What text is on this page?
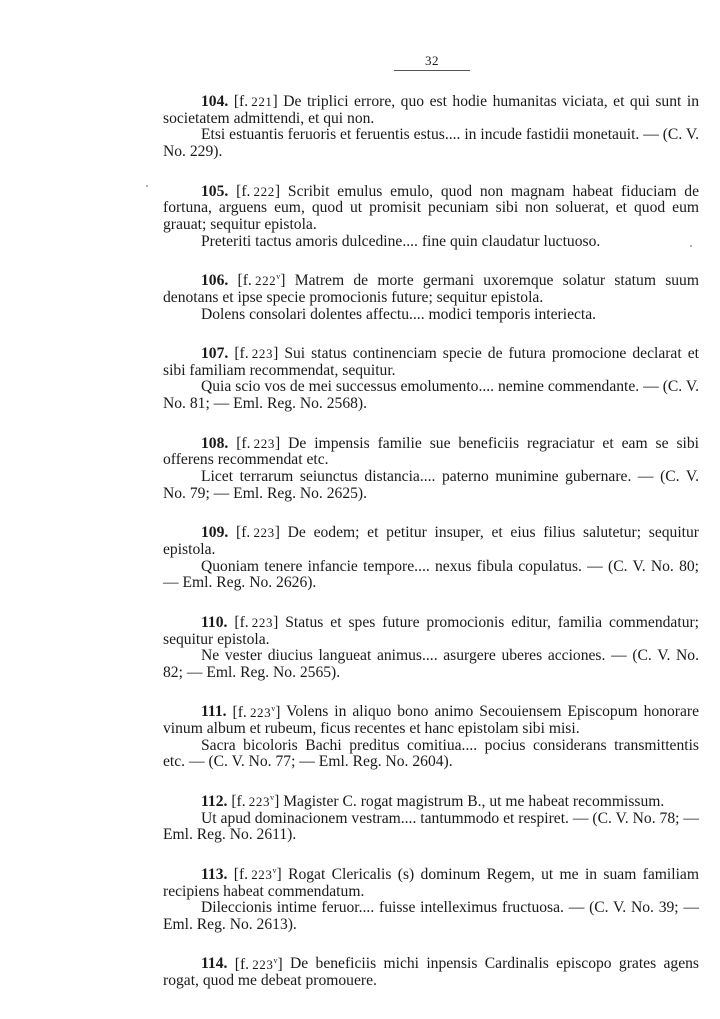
32

104. [f.  221] De triplici errore, quo est hodie humanitas viciata, et qui sunt in societatem admittendi, et qui non.

Etsi estuantis feruoris et feruentis estus.... in incude fastidii monetauit. — (C. V. No. 229).

105. [f.  222] Scribit emulus emulo, quod non magnam habeat fiduciam de fortuna, arguens eum, quod ut promisit pecuniam sibi non soluerat, et quod eum grauat; sequitur epistola.

Preteriti tactus amoris dulcedine.... fine quin claudatur luctuoso.

106. [f.  222$^v$] Matrem de morte germani uxoremque solatur statum suum denotans et ipse specie promocionis future; sequitur epistola.

Dolens consolari dolentes affectu.... modici temporis interiecta.

107. [f.  223] Sui status continenciam specie de futura promocione declarat et sibi familiam recommendat, sequitur.

Quia scio vos de mei successus emolumento.... nemine commendante. — (C. V. No. 81; — Eml. Reg. No. 2568).

108. [f.  223] De impensis familie sue beneficiis regraciatur et eam se sibi offerens recommendat etc.

Licet terrarum seiunctus distancia.... paterno munimine gubernare. — (C. V. No. 79; — Eml. Reg. No. 2625).

109. [f.  223] De eodem; et petitur insuper, et eius filius salutetur; sequitur epistola.

Quoniam tenere infancie tempore.... nexus fibula copulatus. — (C. V. No. 80; — Eml. Reg. No. 2626).

110. [f.  223] Status et spes future promocionis editur, familia commendatur; sequitur epistola.

Ne vester diucius langueat animus.... asurgere uberes acciones. — (C. V. No. 82; — Eml. Reg. No. 2565).

111. [f.  223$^v$] Volens in aliquo bono animo Secouiensem Episcopum honorare vinum album et rubeum, ficus recentes et hanc epistolam sibi misi.

Sacra bicoloris Bachi preditus comitiua.... pocius considerans transmittentis etc. — (C. V. No. 77; — Eml. Reg. No. 2604).

112. [f.  223$^v$] Magister C. rogat magistrum B., ut me habeat recommissum.

Ut apud dominacionem vestram.... tantummodo et respiret. — (C. V. No. 78; — Eml. Reg. No. 2611).

113. [f.  223$^v$] Rogat Clericalis (s) dominum Regem, ut me in suam familiam recipiens habeat commendatum.

Dileccionis intime feruor.... fuisse intelleximus fructuosa. — (C. V. No. 39; — Eml. Reg. No. 2613).

114. [f.  223$^v$] De beneficiis michi inpensis Cardinalis episcopo grates agens rogat, quod me debeat promouere.
